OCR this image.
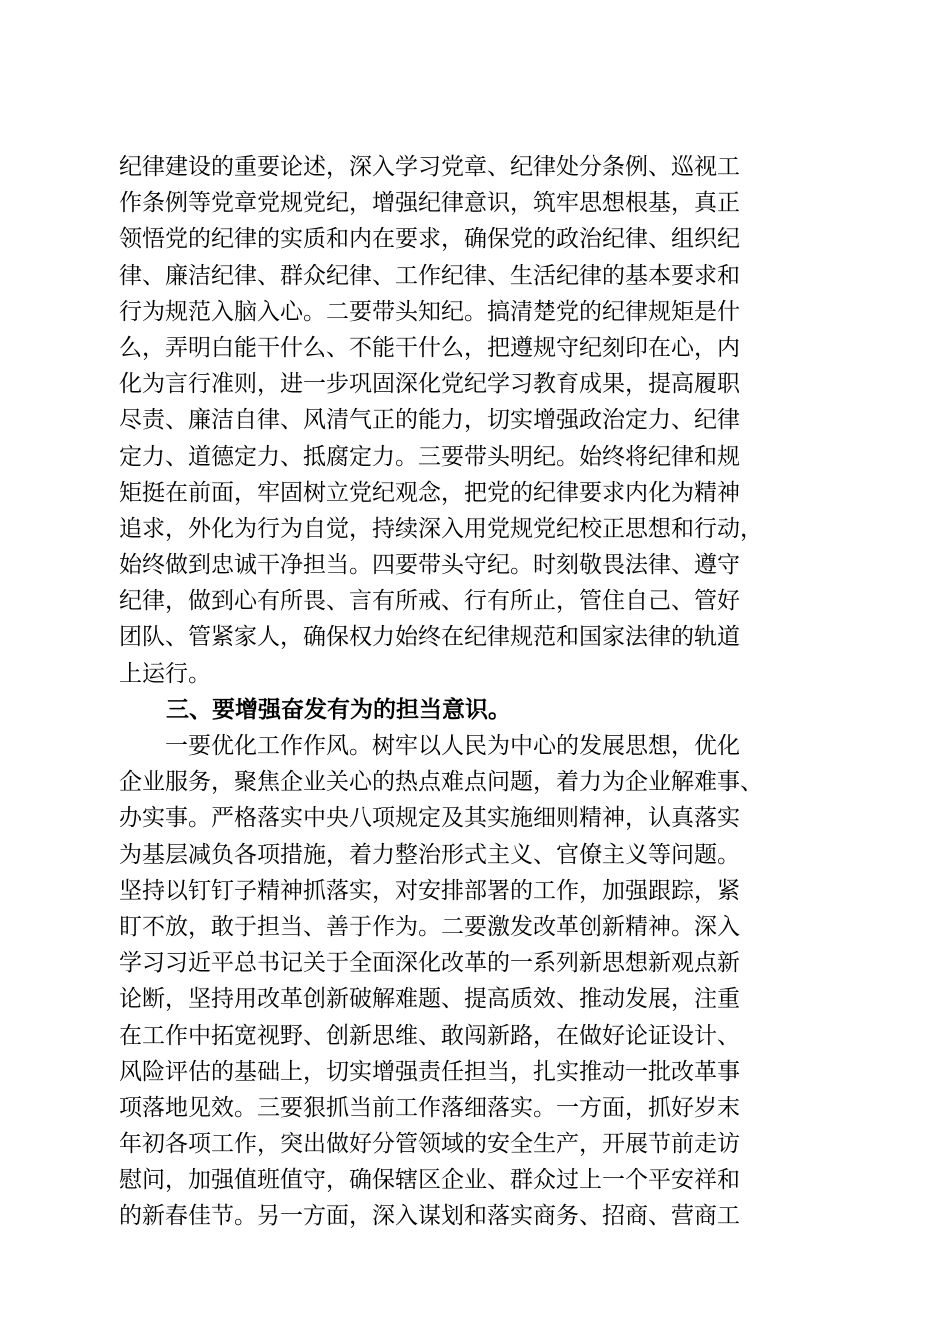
纪律建设的重要论述，深入学习党章、纪律处分条例、巡视工
作条例等党章党规党纪，增强纪律意识，筑牢思想根基，真正
领悟党的纪律的实质和内在要求，确保党的政治纪律、组织纪
律、廉洁纪律、群众纪律、工作纪律、生活纪律的基本要求和
行为规范入脑入心。二要带头知纪。搞清楚党的纪律规矩是什
么，弄明白能干什么、不能干什么，把遵规守纪刻印在心，内
化为言行准则，进一步巩固深化党纪学习教育成果，提高履职
尽责、廉洁自律、风清气正的能力，切实增强政治定力、纪律
定力、道德定力、抵腐定力。三要带头明纪。始终将纪律和规
矩挺在前面，牢固树立党纪观念，把党的纪律要求内化为精神
追求，外化为行为自觉，持续深入用党规党纪校正思想和行动，
始终做到忠诚干净担当。四要带头守纪。时刻敬畏法律、遵守
纪律，做到心有所畏、言有所戒、行有所止，管住自己、管好
团队、管紧家人，确保权力始终在纪律规范和国家法律的轨道
上运行。
三、要增强奋发有为的担当意识。
　　一要优化工作作风。树牢以人民为中心的发展思想，优化
企业服务，聚焦企业关心的热点难点问题，着力为企业解难事、
办实事。严格落实中央八项规定及其实施细则精神，认真落实
为基层减负各项措施，着力整治形式主义、官僚主义等问题。
坚持以钉钉子精神抓落实，对安排部署的工作，加强跟踪，紧
盯不放，敢于担当、善于作为。二要激发改革创新精神。深入
学习习近平总书记关于全面深化改革的一系列新思想新观点新
论断，坚持用改革创新破解难题、提高质效、推动发展，注重
在工作中拓宽视野、创新思维、敢闯新路，在做好论证设计、
风险评估的基础上，切实增强责任担当，扎实推动一批改革事
项落地见效。三要狠抓当前工作落细落实。一方面，抓好岁末
年初各项工作，突出做好分管领域的安全生产，开展节前走访
慰问，加强值班值守，确保辖区企业、群众过上一个平安祥和
的新春佳节。另一方面，深入谋划和落实商务、招商、营商工
